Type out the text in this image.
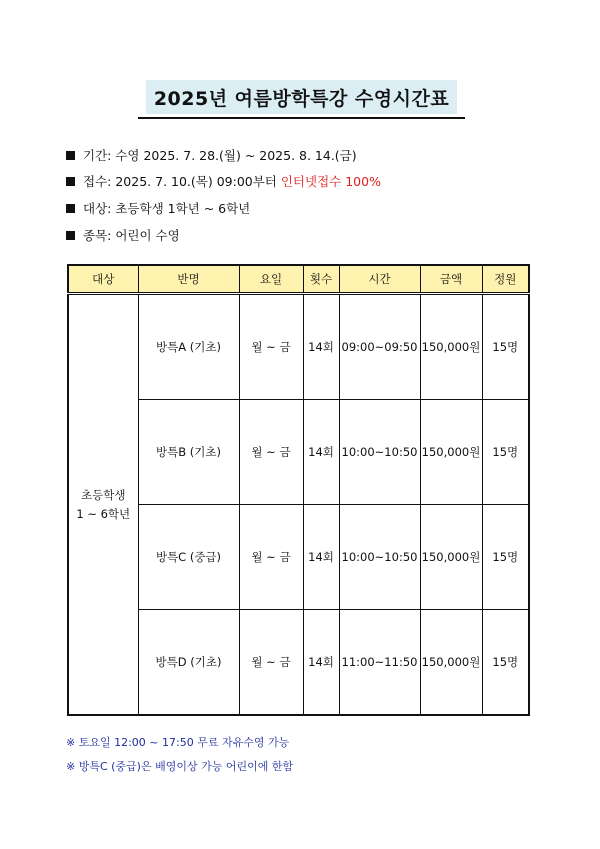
2025년 여름방학특강 수영시간표
기간:
수영 2025. 7. 28.(월) ~ 2025. 8. 14.(금)
접수:
2025. 7. 10.(목) 09:00부터
인터넷접수 100%
대상:
초등학생 1학년 ~ 6학년
종목:
어린이 수영
대상	반명	요일	횟수	시간	금액	정원

초등학생
1 ~ 6학년	방특A (기초)	월 ~ 금	14회	09:00~09:50	150,000원	15명
	방특B (기초)	월 ~ 금	14회	10:00~10:50	150,000원	15명
	방특C (중급)	월 ~ 금	14회	10:00~10:50	150,000원	15명
	방특D (기초)	월 ~ 금	14회	11:00~11:50	150,000원	15명
※ 토요일 12:00 ~ 17:50 무료 자유수영 가능
※ 방특C (중급)은 배영이상 가능 어린이에 한함
